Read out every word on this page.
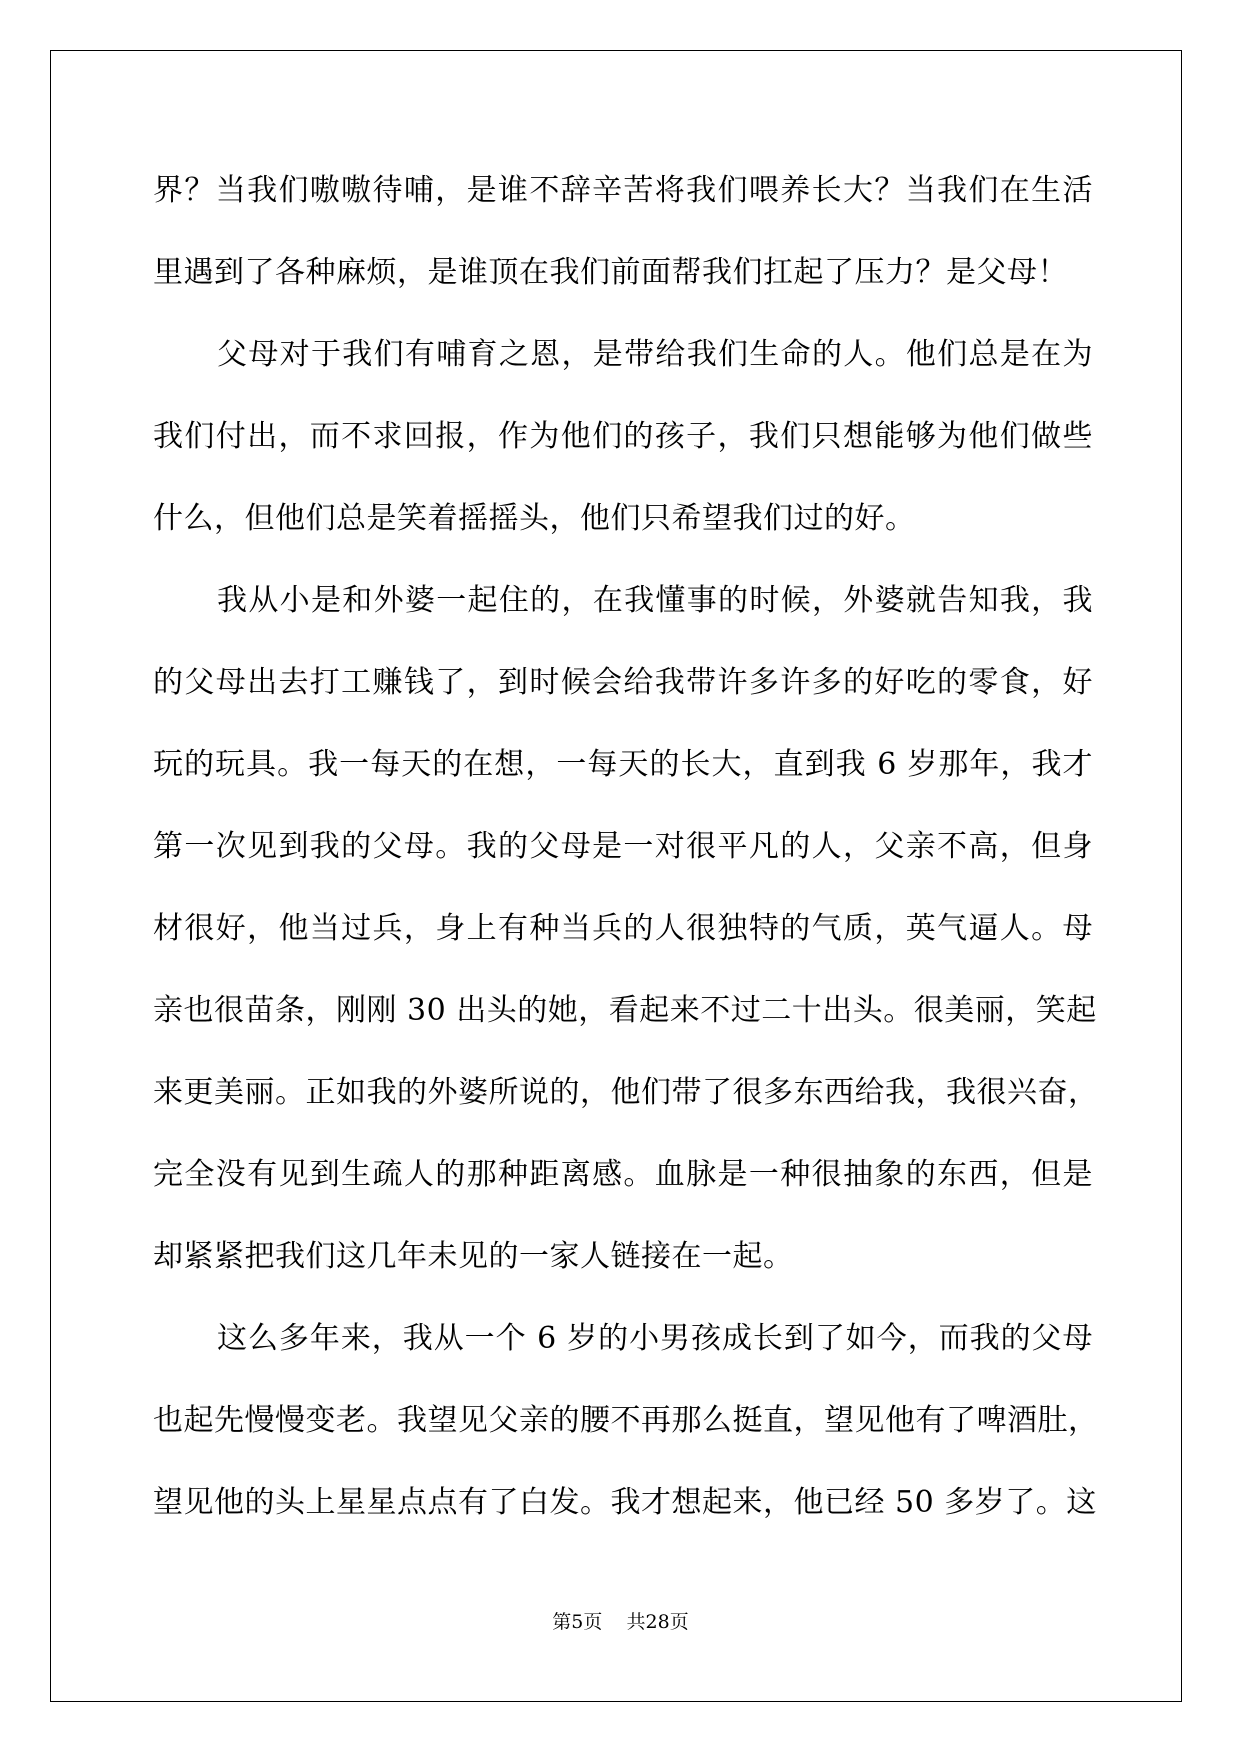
界？当我们嗷嗷待哺，是谁不辞辛苦将我们喂养长大？当我们在生活
里遇到了各种麻烦，是谁顶在我们前面帮我们扛起了压力？是父母！
父母对于我们有哺育之恩，是带给我们生命的人。他们总是在为
我们付出，而不求回报，作为他们的孩子，我们只想能够为他们做些
什么，但他们总是笑着摇摇头，他们只希望我们过的好。
我从小是和外婆一起住的，在我懂事的时候，外婆就告知我，我
的父母出去打工赚钱了，到时候会给我带许多许多的好吃的零食，好
玩的玩具。我一每天的在想，一每天的长大，直到我 6 岁那年，我才
第一次见到我的父母。我的父母是一对很平凡的人，父亲不高，但身
材很好，他当过兵，身上有种当兵的人很独特的气质，英气逼人。母
亲也很苗条，刚刚 30 出头的她，看起来不过二十出头。很美丽，笑起
来更美丽。正如我的外婆所说的，他们带了很多东西给我，我很兴奋，
完全没有见到生疏人的那种距离感。血脉是一种很抽象的东西，但是
却紧紧把我们这几年未见的一家人链接在一起。
这么多年来，我从一个 6 岁的小男孩成长到了如今，而我的父母
也起先慢慢变老。我望见父亲的腰不再那么挺直，望见他有了啤酒肚，
望见他的头上星星点点有了白发。我才想起来，他已经 50 多岁了。这
第5页 共28页
